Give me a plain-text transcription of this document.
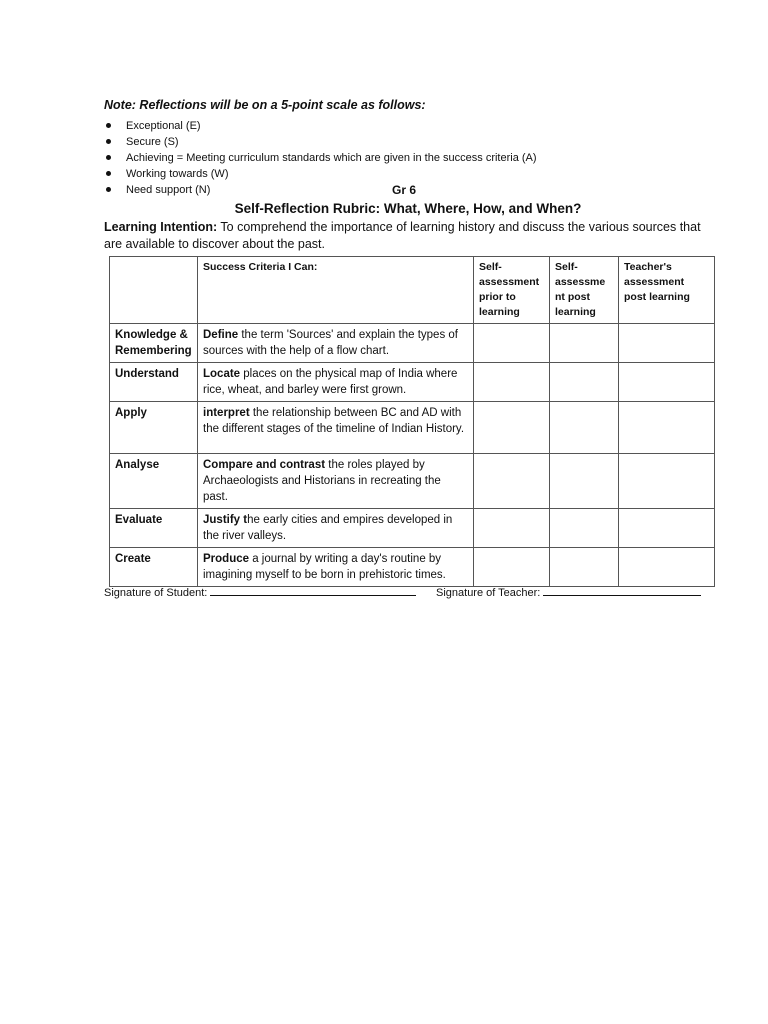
Note: Reflections will be on a 5-point scale as follows:
Exceptional (E)
Secure (S)
Achieving = Meeting curriculum standards which are given in the success criteria (A)
Working towards (W)
Need support (N)	Gr 6
Self-Reflection Rubric: What, Where, How, and When?
Learning Intention: To comprehend the importance of learning history and discuss the various sources that are available to discover about the past.
	Success Criteria I Can:	Self-assessment prior to learning	Self-assessme nt post learning	Teacher's assessment post learning
Knowledge & Remembering	Define the term 'Sources' and explain the types of sources with the help of a flow chart.			
Understand	Locate places on the physical map of India where rice, wheat, and barley were first grown.			
Apply	interpret the relationship between BC and AD with the different stages of the timeline of Indian History.			
Analyse	Compare and contrast the roles played by Archaeologists and Historians in recreating the past.			
Evaluate	Justify the early cities and empires developed in the river valleys.			
Create	Produce a journal by writing a day's routine by imagining myself to be born in prehistoric times.			
Signature of Student:	Signature of Teacher:
